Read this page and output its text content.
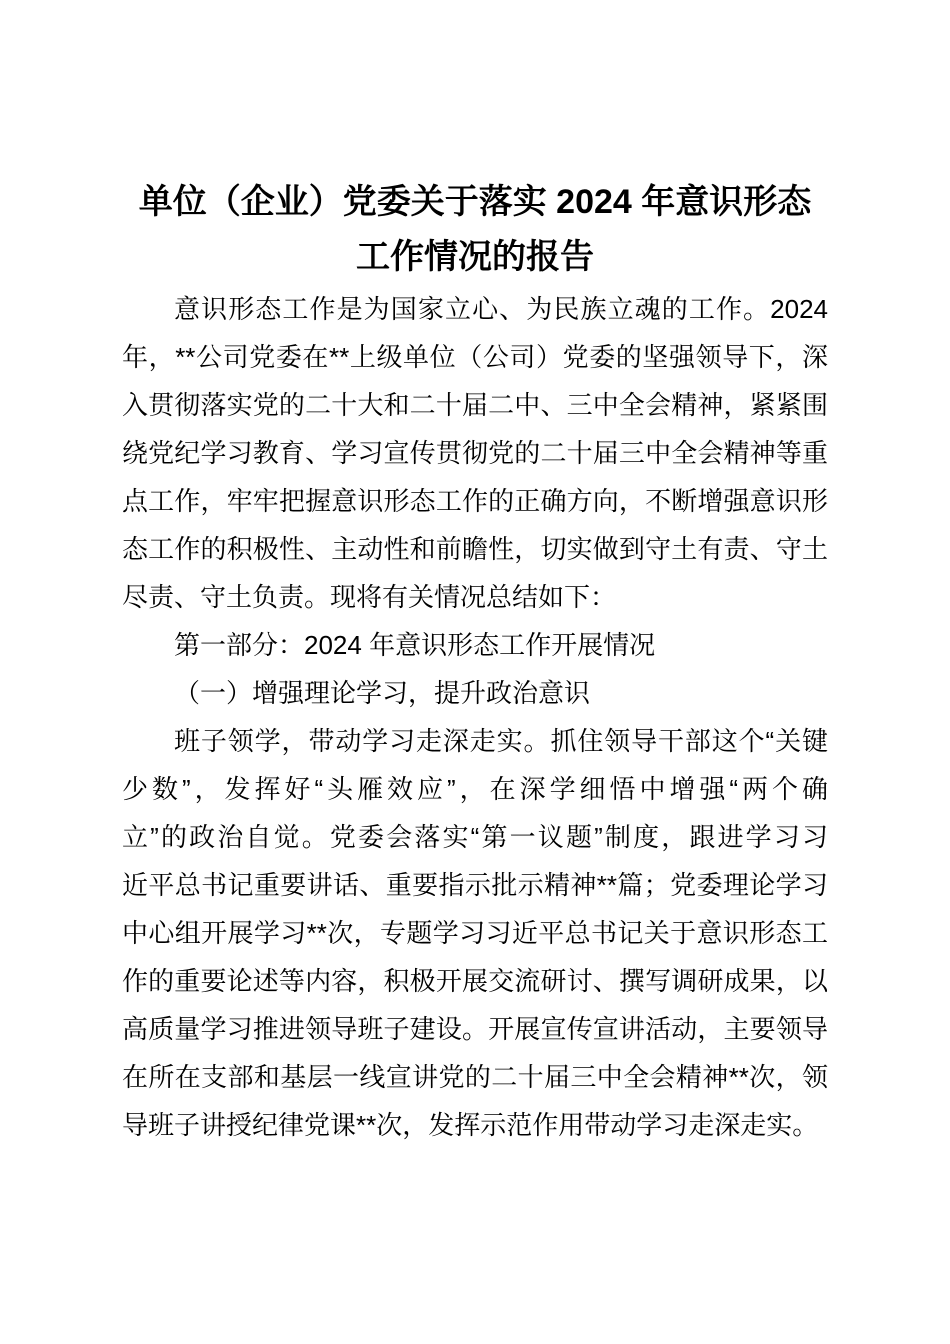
单位（企业）党委关于落实 2024 年意识形态工作情况的报告
意识形态工作是为国家立心、为民族立魂的工作。2024
年，**公司党委在**上级单位（公司）党委的坚强领导下，深
入贯彻落实党的二十大和二十届二中、三中全会精神，紧紧围
绕党纪学习教育、学习宣传贯彻党的二十届三中全会精神等重
点工作，牢牢把握意识形态工作的正确方向，不断增强意识形
态工作的积极性、主动性和前瞻性，切实做到守土有责、守土
尽责、守土负责。现将有关情况总结如下：
第一部分：2024 年意识形态工作开展情况
（一）增强理论学习，提升政治意识
班子领学，带动学习走深走实。抓住领导干部这个“关键
少数”，发挥好“头雁效应”，在深学细悟中增强“两个确
立”的政治自觉。党委会落实“第一议题”制度，跟进学习习
近平总书记重要讲话、重要指示批示精神**篇；党委理论学习
中心组开展学习**次，专题学习习近平总书记关于意识形态工
作的重要论述等内容，积极开展交流研讨、撰写调研成果，以
高质量学习推进领导班子建设。开展宣传宣讲活动，主要领导
在所在支部和基层一线宣讲党的二十届三中全会精神**次，领
导班子讲授纪律党课**次，发挥示范作用带动学习走深走实。
